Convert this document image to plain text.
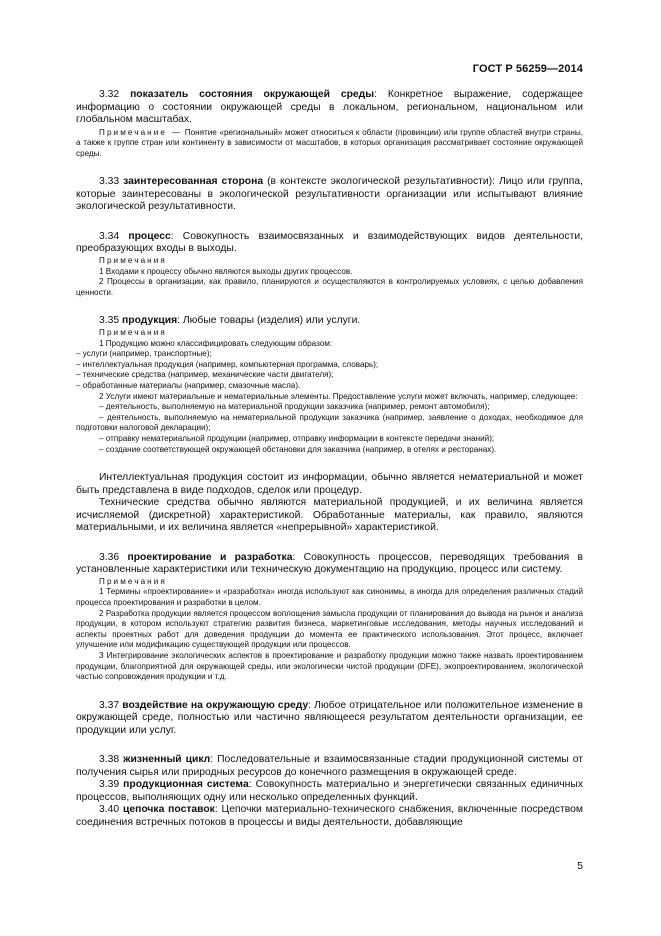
ГОСТ Р 56259—2014

3.32 показатель состояния окружающей среды: Конкретное выражение, содержащее информацию о состоянии окружающей среды в локальном, региональном, национальном или глобальном масштабах.

Примечание — Понятие «региональный» может относиться к области (провинции) или группе областей внутри страны, а также к группе стран или континенту в зависимости от масштабов, в которых организация рассматривает состояние окружающей среды.

3.33 заинтересованная сторона (в контексте экологической результативности): Лицо или группа, которые заинтересованы в экологической результативности организации или испытывают влияние экологической результативности.

3.34 процесс: Совокупность взаимосвязанных и взаимодействующих видов деятельности, преобразующих входы в выходы.

Примечания

1 Входами к процессу обычно являются выходы других процессов.

2 Процессы в организации, как правило, планируются и осуществляются в контролируемых условиях, с целью добавления ценности.

3.35 продукция: Любые товары (изделия) или услуги.

Примечания

1 Продукцию можно классифицировать следующим образом:

– услуги (например, транспортные);

– интеллектуальная продукция (например, компьютерная программа, словарь);

– технические средства (например, механические части двигателя);

– обработанные материалы (например, смазочные масла).

2 Услуги имеют материальные и нематериальные элементы. Предоставление услуги может включать, например, следующее:

– деятельность, выполняемую на материальной продукции заказчика (например, ремонт автомобиля);

– деятельность, выполняемую на нематериальной продукции заказчика (например, заявление о доходах, необходимое для подготовки налоговой декларации);

– отправку нематериальной продукции (например, отправку информации в контексте передачи знаний);

– создание соответствующей окружающей обстановки для заказчика (например, в отелях и ресторанах).

Интеллектуальная продукция состоит из информации, обычно является нематериальной и может быть представлена в виде подходов, сделок или процедур.

Технические средства обычно являются материальной продукцией, и их величина является исчисляемой (дискретной) характеристикой. Обработанные материалы, как правило, являются материальными, и их величина является «непрерывной» характеристикой.

3.36 проектирование и разработка: Совокупность процессов, переводящих требования в установленные характеристики или техническую документацию на продукцию, процесс или систему.

Примечания

1 Термины «проектирование» и «разработка» иногда используют как синонимы, а иногда для определения различных стадий процесса проектирования и разработки в целом.

2 Разработка продукции является процессом воплощения замысла продукции от планирования до вывода на рынок и анализа продукции, в котором используют стратегию развития бизнеса, маркетинговые исследования, методы научных исследований и аспекты проектных работ для доведения продукции до момента ее практического использования. Этот процесс, включает улучшение или модификацию существующей продукции или процессов.

3 Интегрирование экологических аспектов в проектирование и разработку продукции можно также назвать проектированием продукции, благоприятной для окружающей среды, или экологически чистой продукции (DFE), экопроектированием, экологической частью сопровождения продукции и т.д.

3.37 воздействие на окружающую среду: Любое отрицательное или положительное изменение в окружающей среде, полностью или частично являющееся результатом деятельности организации, ее продукции или услуг.

3.38 жизненный цикл: Последовательные и взаимосвязанные стадии продукционной системы от получения сырья или природных ресурсов до конечного размещения в окружающей среде.

3.39 продукционная система: Совокупность материально и энергетически связанных единичных процессов, выполняющих одну или несколько определенных функций.

3.40 цепочка поставок: Цепочки материально-технического снабжения, включенные посредством соединения встречных потоков в процессы и виды деятельности, добавляющие

5
